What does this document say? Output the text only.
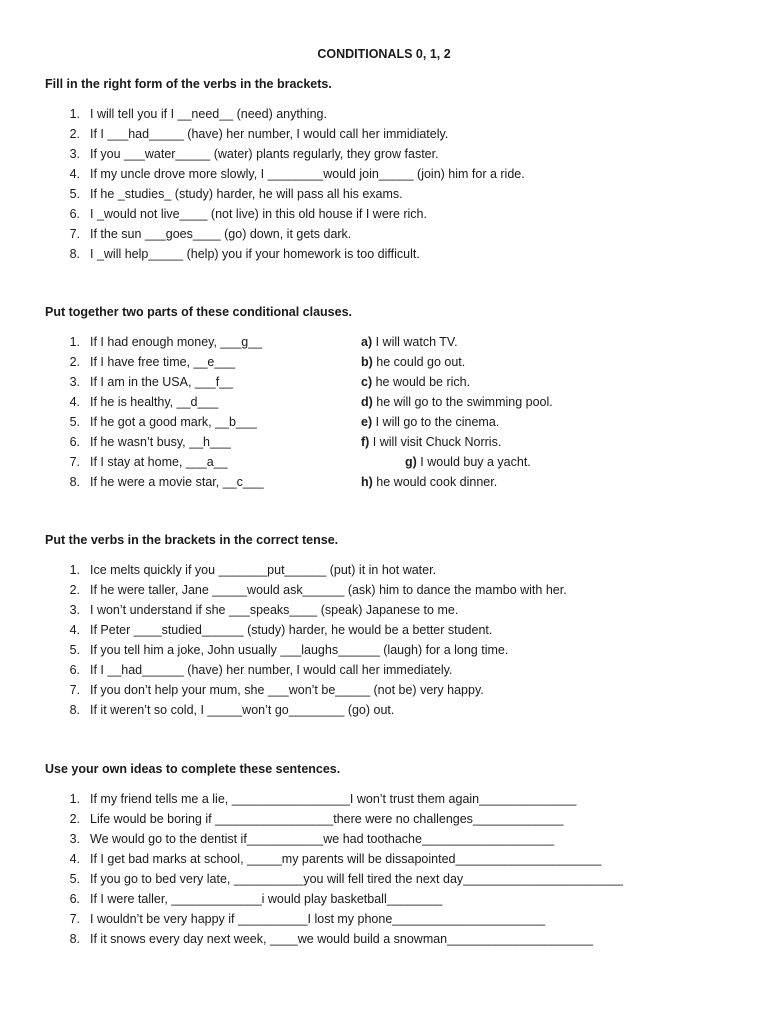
CONDITIONALS 0, 1, 2
Fill in the right form of the verbs in the brackets.
1. I will tell you if I __need__ (need) anything.
2. If I ___had_____ (have) her number, I would call her immidiately.
3. If you ___water_____ (water) plants regularly, they grow faster.
4. If my uncle drove more slowly, I ________would join_____ (join) him for a ride.
5. If he _studies_ (study) harder, he will pass all his exams.
6. I _would not live____ (not live) in this old house if I were rich.
7. If the sun ___goes____ (go) down, it gets dark.
8. I _will help_____ (help) you if your homework is too difficult.
Put together two parts of these conditional clauses.
1. If I had enough money, ___g__
2. If I have free time, __e___
3. If I am in the USA, ___f__
4. If he is healthy, __d___
5. If he got a good mark, __b___
6. If he wasn’t busy, __h___
7. If I stay at home, ___a__
8. If he were a movie star, __c___
a) I will watch TV.
b) he could go out.
c) he would be rich.
d) he will go to the swimming pool.
e) I will go to the cinema.
f) I will visit Chuck Norris.
g) I would buy a yacht.
h) he would cook dinner.
Put the verbs in the brackets in the correct tense.
1. Ice melts quickly if you _______put______ (put) it in hot water.
2. If he were taller, Jane _____would ask______ (ask) him to dance the mambo with her.
3. I won’t understand if she ___speaks____ (speak) Japanese to me.
4. If Peter ____studied______ (study) harder, he would be a better student.
5. If you tell him a joke, John usually ___laughs______ (laugh) for a long time.
6. If I __had______ (have) her number, I would call her immediately.
7. If you don’t help your mum, she ___won’t be_____ (not be) very happy.
8. If it weren’t so cold, I _____won’t go________ (go) out.
Use your own ideas to complete these sentences.
1. If my friend tells me a lie, _________________I won’t trust them again______________
2. Life would be boring if _________________there were no challenges_____________
3. We would go to the dentist if___________we had toothache___________________
4. If I get bad marks at school, _____my parents will be dissapointed_____________________
5. If you go to bed very late, __________you will fell tired the next day_______________________
6. If I were taller, _____________i would play basketball________
7. I wouldn’t be very happy if __________I lost my phone______________________
8. If it snows every day next week, ____we would build a snowman_____________________
